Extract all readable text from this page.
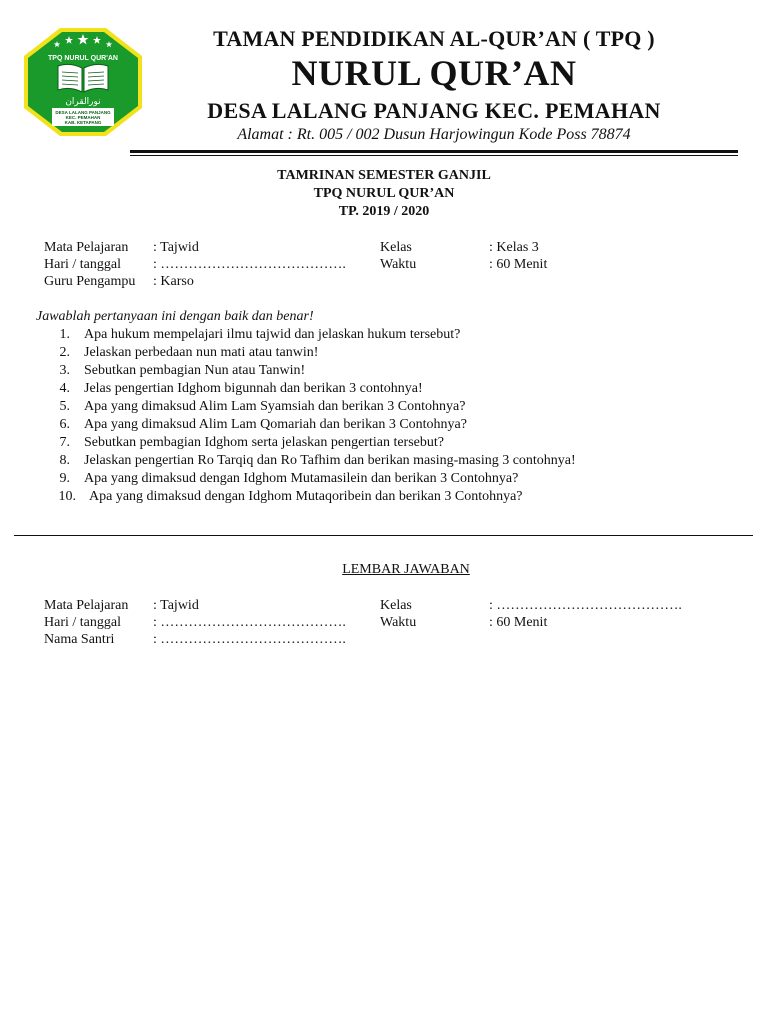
TPQ NURUL QUR'AN
نورالقران
DESA LALANG PANJANG
KEC. PEMAHAN
KAB. KETAPANG
TAMAN PENDIDIKAN AL-QUR’AN ( TPQ )
NURUL QUR’AN
DESA LALANG PANJANG KEC. PEMAHAN
Alamat : Rt. 005 / 002 Dusun Harjowingun Kode Poss 78874
TAMRINAN SEMESTER GANJIL
TPQ NURUL QUR’AN
TP. 2019 / 2020
Mata Pelajaran : Tajwid	Kelas	: Kelas 3
Hari / tanggal : …………………………………. Waktu	: 60 Menit
Guru Pengampu : Karso
Jawablah pertanyaan ini dengan baik dan benar!
1. Apa hukum mempelajari ilmu tajwid dan jelaskan hukum tersebut?
2. Jelaskan perbedaan nun mati atau tanwin!
3. Sebutkan pembagian Nun atau Tanwin!
4. Jelas pengertian Idghom bigunnah dan berikan 3 contohnya!
5. Apa yang dimaksud Alim Lam Syamsiah dan berikan 3 Contohnya?
6. Apa yang dimaksud Alim Lam Qomariah dan berikan 3 Contohnya?
7. Sebutkan pembagian Idghom serta jelaskan pengertian tersebut?
8. Jelaskan pengertian Ro Tarqiq dan Ro Tafhim dan berikan masing-masing 3 contohnya!
9. Apa yang dimaksud dengan Idghom Mutamasilein dan berikan 3 Contohnya?
10. Apa yang dimaksud dengan Idghom Mutaqoribein dan berikan 3 Contohnya?
LEMBAR JAWABAN
Mata Pelajaran : Tajwid	Kelas	: ………………………………….
Hari / tanggal : …………………………………. Waktu	: 60 Menit
Nama Santri	: ………………………………….
